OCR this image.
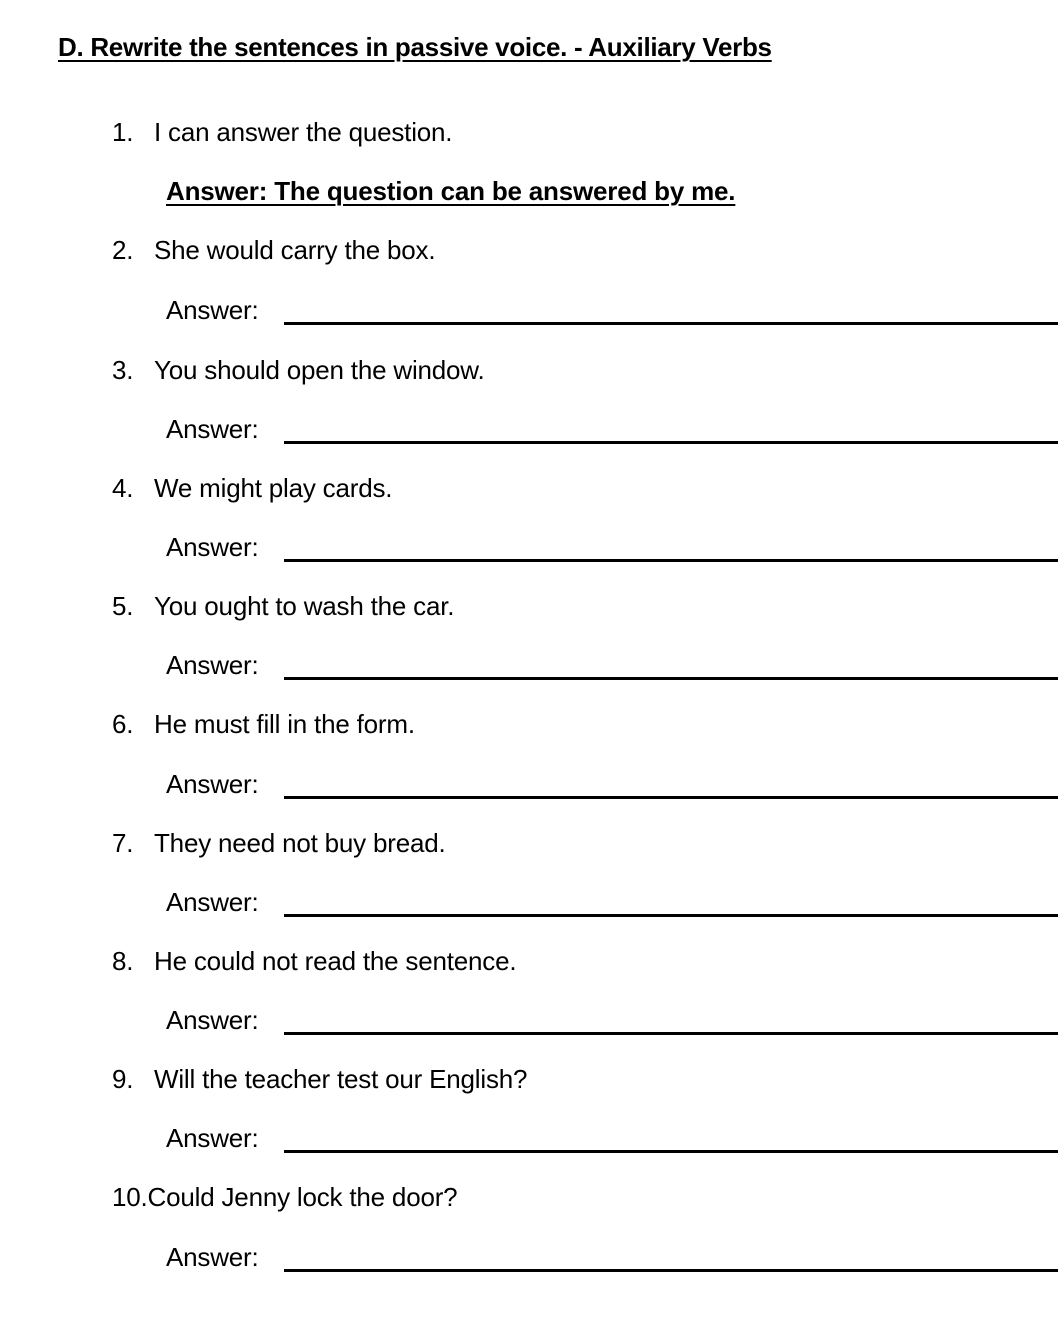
D. Rewrite the sentences in passive voice. - Auxiliary Verbs
1. I can answer the question.
Answer: The question can be answered by me.
2. She would carry the box.
Answer:
3. You should open the window.
Answer:
4. We might play cards.
Answer:
5. You ought to wash the car.
Answer:
6. He must fill in the form.
Answer:
7. They need not buy bread.
Answer:
8. He could not read the sentence.
Answer:
9. Will the teacher test our English?
Answer:
10.Could Jenny lock the door?
Answer:
